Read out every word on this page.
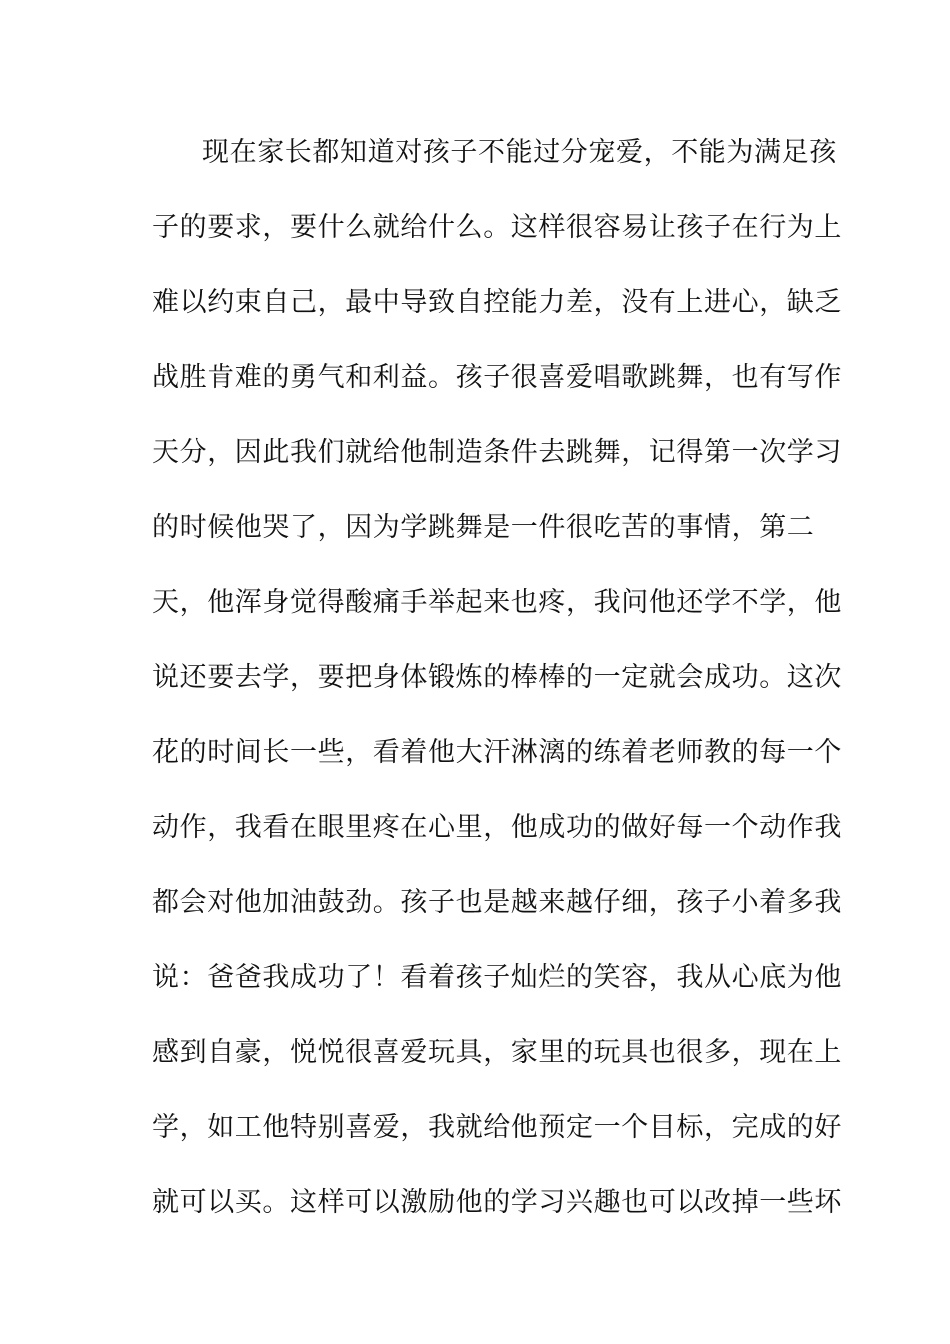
现在家长都知道对孩子不能过分宠爱，不能为满足孩
子的要求，要什么就给什么。这样很容易让孩子在行为上
难以约束自己，最中导致自控能力差，没有上进心，缺乏
战胜肯难的勇气和利益。孩子很喜爱唱歌跳舞，也有写作
天分，因此我们就给他制造条件去跳舞，记得第一次学习
的时候他哭了，因为学跳舞是一件很吃苦的事情，第二
天，他浑身觉得酸痛手举起来也疼，我问他还学不学，他
说还要去学，要把身体锻炼的棒棒的一定就会成功。这次
花的时间长一些，看着他大汗淋漓的练着老师教的每一个
动作，我看在眼里疼在心里，他成功的做好每一个动作我
都会对他加油鼓劲。孩子也是越来越仔细，孩子小着多我
说：爸爸我成功了！看着孩子灿烂的笑容，我从心底为他
感到自豪，悦悦很喜爱玩具，家里的玩具也很多，现在上
学，如工他特别喜爱，我就给他预定一个目标，完成的好
就可以买。这样可以激励他的学习兴趣也可以改掉一些坏
